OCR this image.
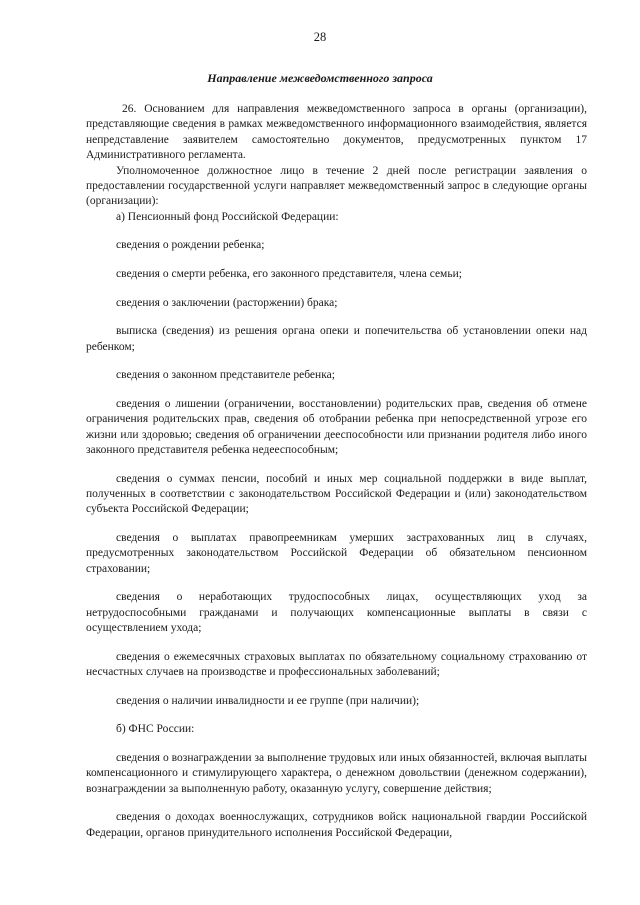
28
Направление межведомственного запроса

26. Основанием для направления межведомственного запроса в органы (организации), представляющие сведения в рамках межведомственного информационного взаимодействия, является непредставление заявителем самостоятельно документов, предусмотренных пунктом 17 Административного регламента.

Уполномоченное должностное лицо в течение 2 дней после регистрации заявления о предоставлении государственной услуги направляет межведомственный запрос в следующие органы (организации):

а) Пенсионный фонд Российской Федерации:

сведения о рождении ребенка;

сведения о смерти ребенка, его законного представителя, члена семьи;

сведения о заключении (расторжении) брака;

выписка (сведения) из решения органа опеки и попечительства об установлении опеки над ребенком;

сведения о законном представителе ребенка;

сведения о лишении (ограничении, восстановлении) родительских прав, сведения об отмене ограничения родительских прав, сведения об отобрании ребенка при непосредственной угрозе его жизни или здоровью; сведения об ограничении дееспособности или признании родителя либо иного законного представителя ребенка недееспособным;

сведения о суммах пенсии, пособий и иных мер социальной поддержки в виде выплат, полученных в соответствии с законодательством Российской Федерации и (или) законодательством субъекта Российской Федерации;

сведения о выплатах правопреемникам умерших застрахованных лиц в случаях, предусмотренных законодательством Российской Федерации об обязательном пенсионном страховании;

сведения о неработающих трудоспособных лицах, осуществляющих уход за нетрудоспособными гражданами и получающих компенсационные выплаты в связи с осуществлением ухода;

сведения о ежемесячных страховых выплатах по обязательному социальному страхованию от несчастных случаев на производстве и профессиональных заболеваний;

сведения о наличии инвалидности и ее группе (при наличии);

б) ФНС России:

сведения о вознаграждении за выполнение трудовых или иных обязанностей, включая выплаты компенсационного и стимулирующего характера, о денежном довольствии (денежном содержании), вознаграждении за выполненную работу, оказанную услугу, совершение действия;

сведения о доходах военнослужащих, сотрудников войск национальной гвардии Российской Федерации, органов принудительного исполнения Российской Федерации,
